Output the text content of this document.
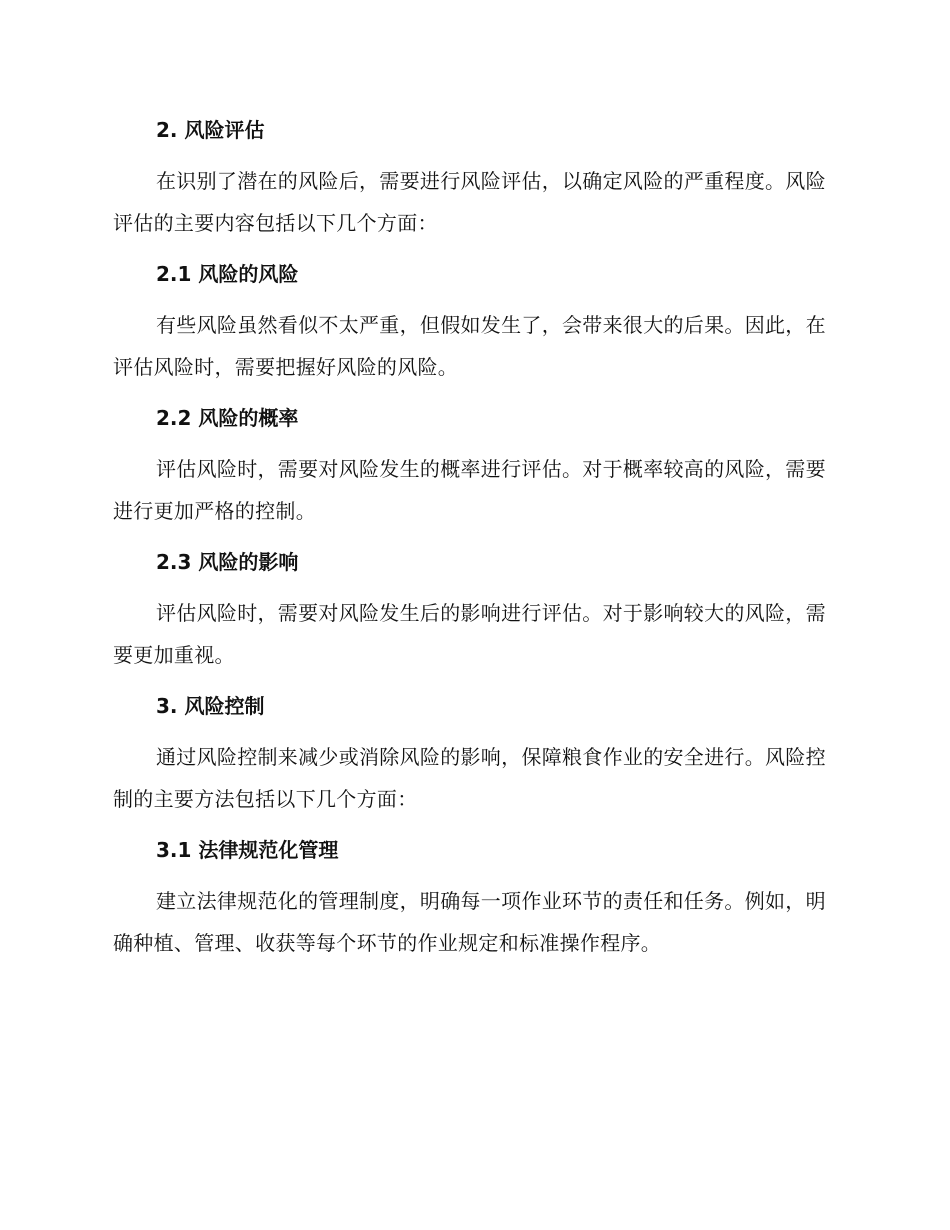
2. 风险评估

在识别了潜在的风险后，需要进行风险评估，以确定风险的严重程度。风险评估的主要内容包括以下几个方面：

2.1 风险的风险

有些风险虽然看似不太严重，但假如发生了，会带来很大的后果。因此，在评估风险时，需要把握好风险的风险。

2.2 风险的概率

评估风险时，需要对风险发生的概率进行评估。对于概率较高的风险，需要进行更加严格的控制。

2.3 风险的影响

评估风险时，需要对风险发生后的影响进行评估。对于影响较大的风险，需要更加重视。

3. 风险控制

通过风险控制来减少或消除风险的影响，保障粮食作业的安全进行。风险控制的主要方法包括以下几个方面：

3.1 法律规范化管理

建立法律规范化的管理制度，明确每一项作业环节的责任和任务。例如，明确种植、管理、收获等每个环节的作业规定和标准操作程序。
